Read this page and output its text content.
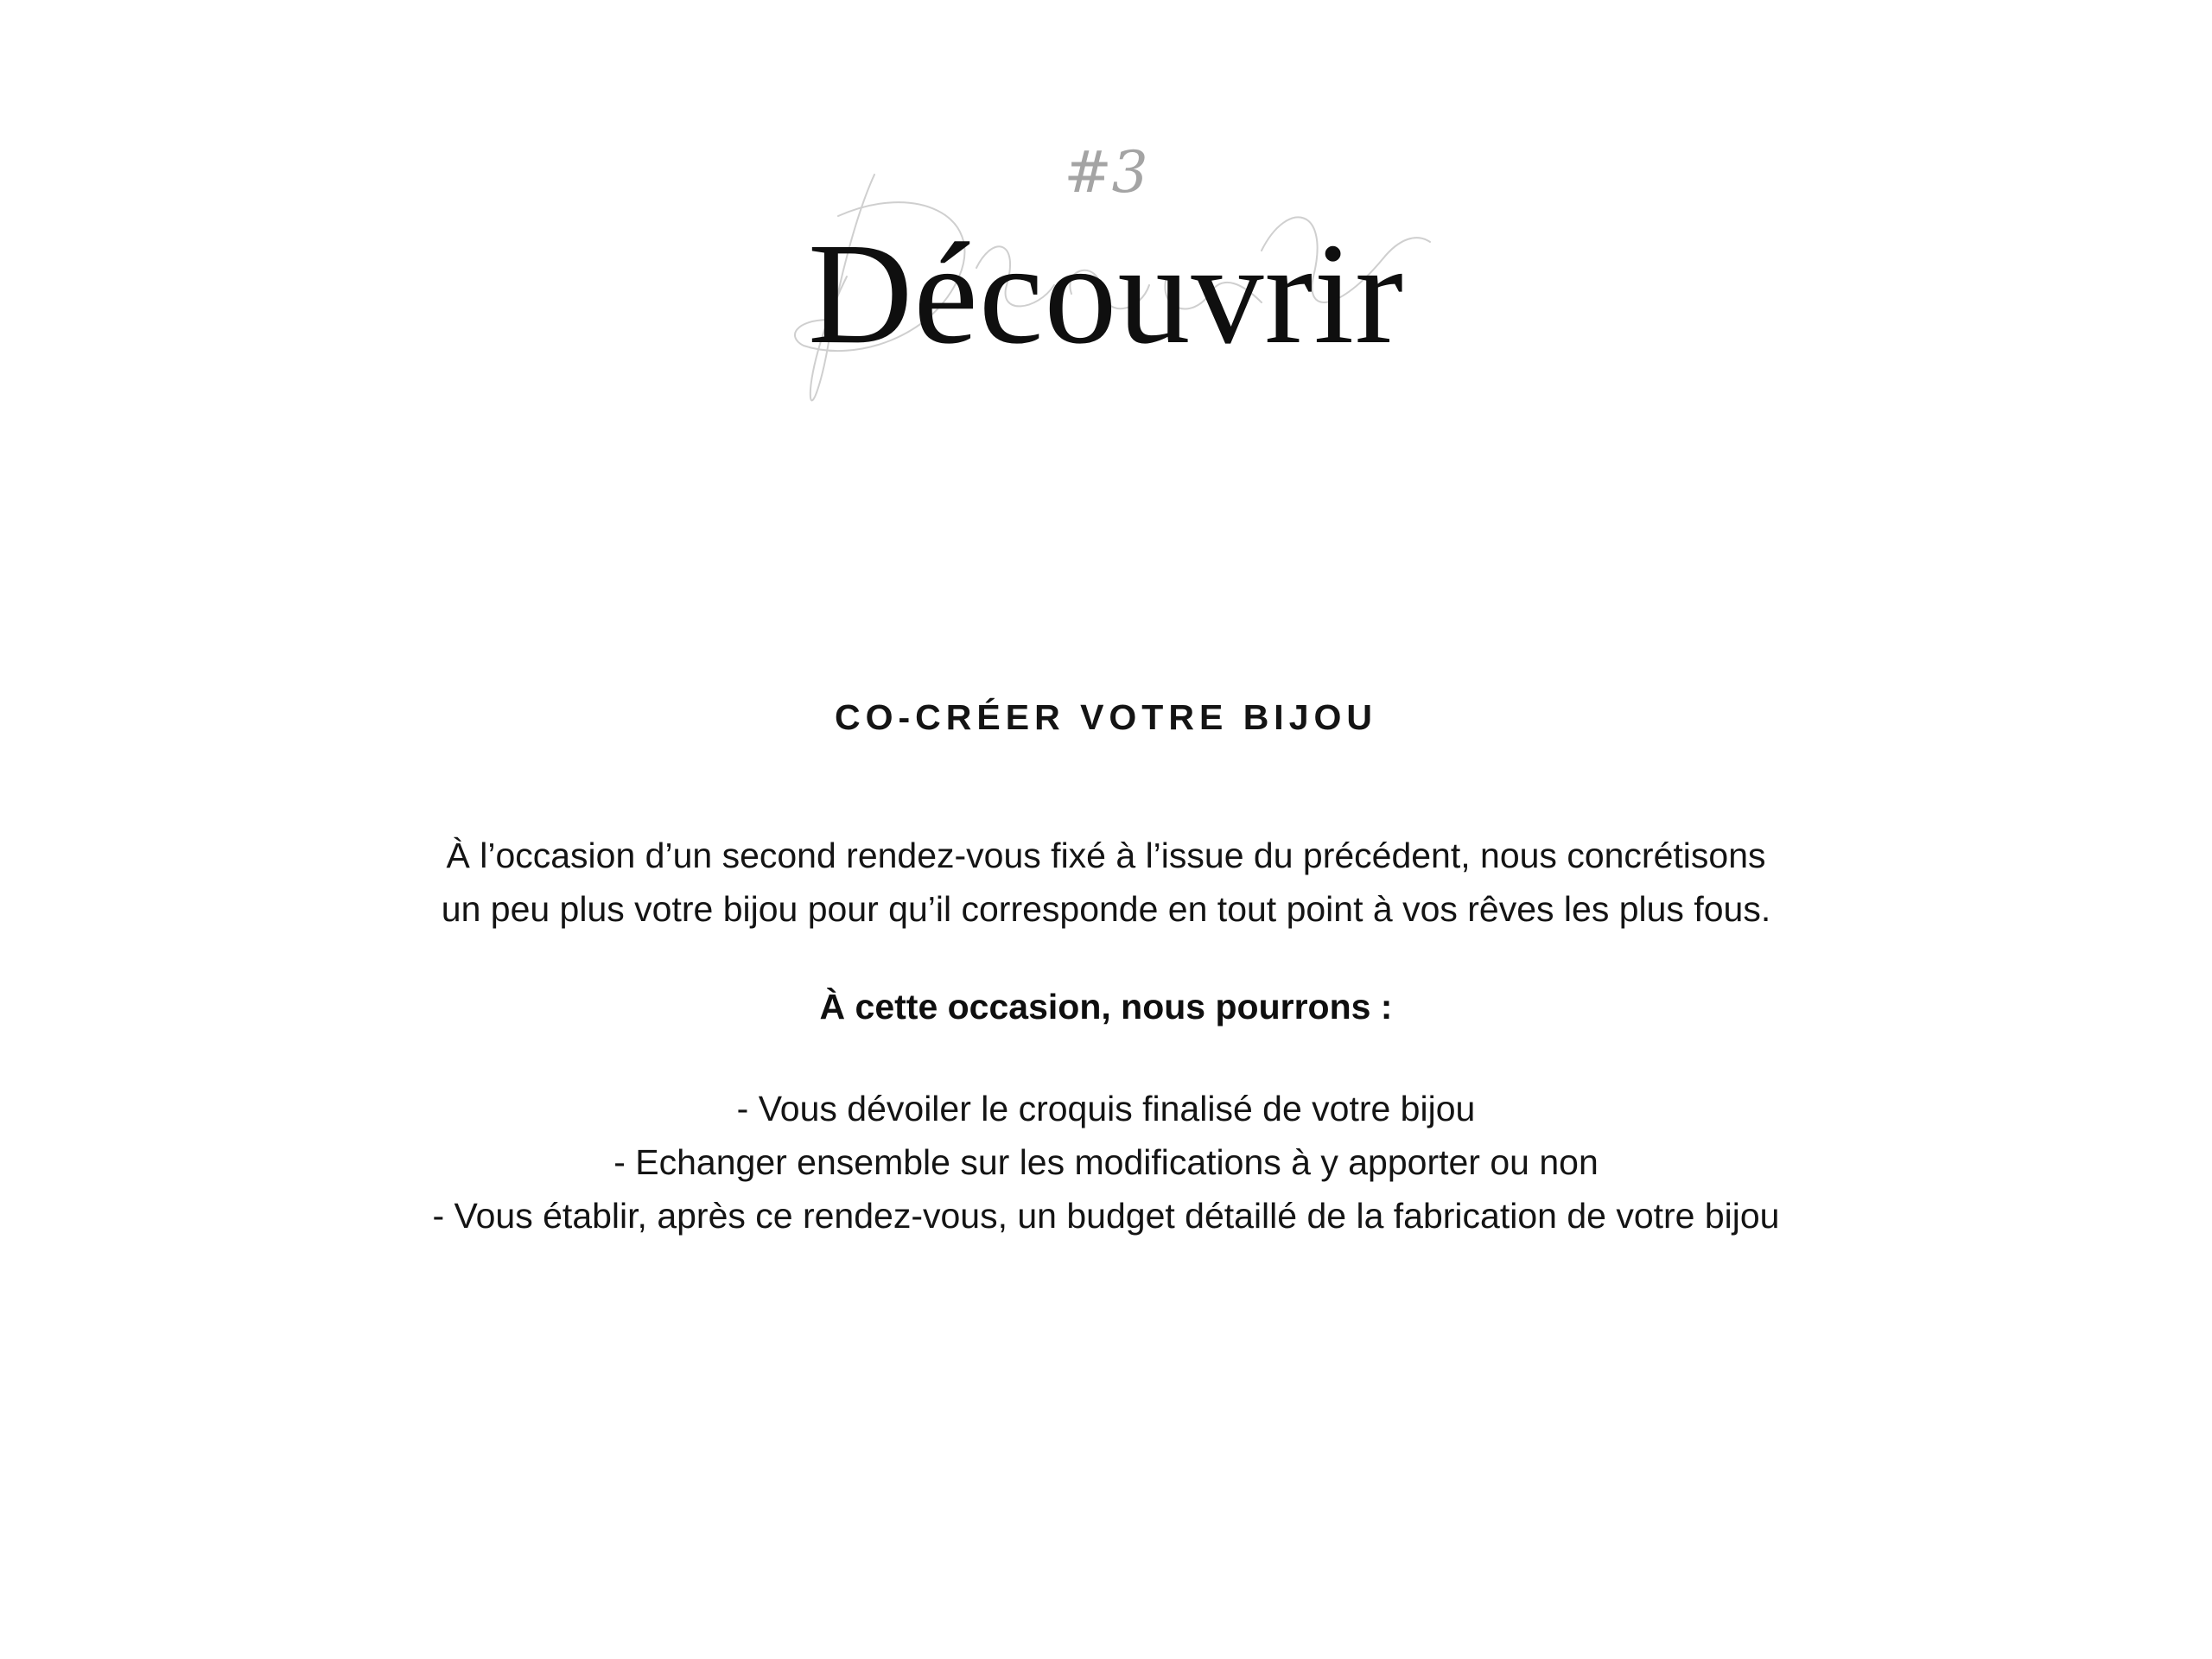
#3
Découvrir
CO-CRÉER VOTRE BIJOU

À l’occasion d’un second rendez-vous fixé à l’issue du précédent, nous concrétisons
un peu plus votre bijou pour qu’il corresponde en tout point à vos rêves les plus fous.

À cette occasion, nous pourrons :
- Vous dévoiler le croquis finalisé de votre bijou
- Echanger ensemble sur les modifications à y apporter ou non
- Vous établir, après ce rendez-vous, un budget détaillé de la fabrication de votre bijou
